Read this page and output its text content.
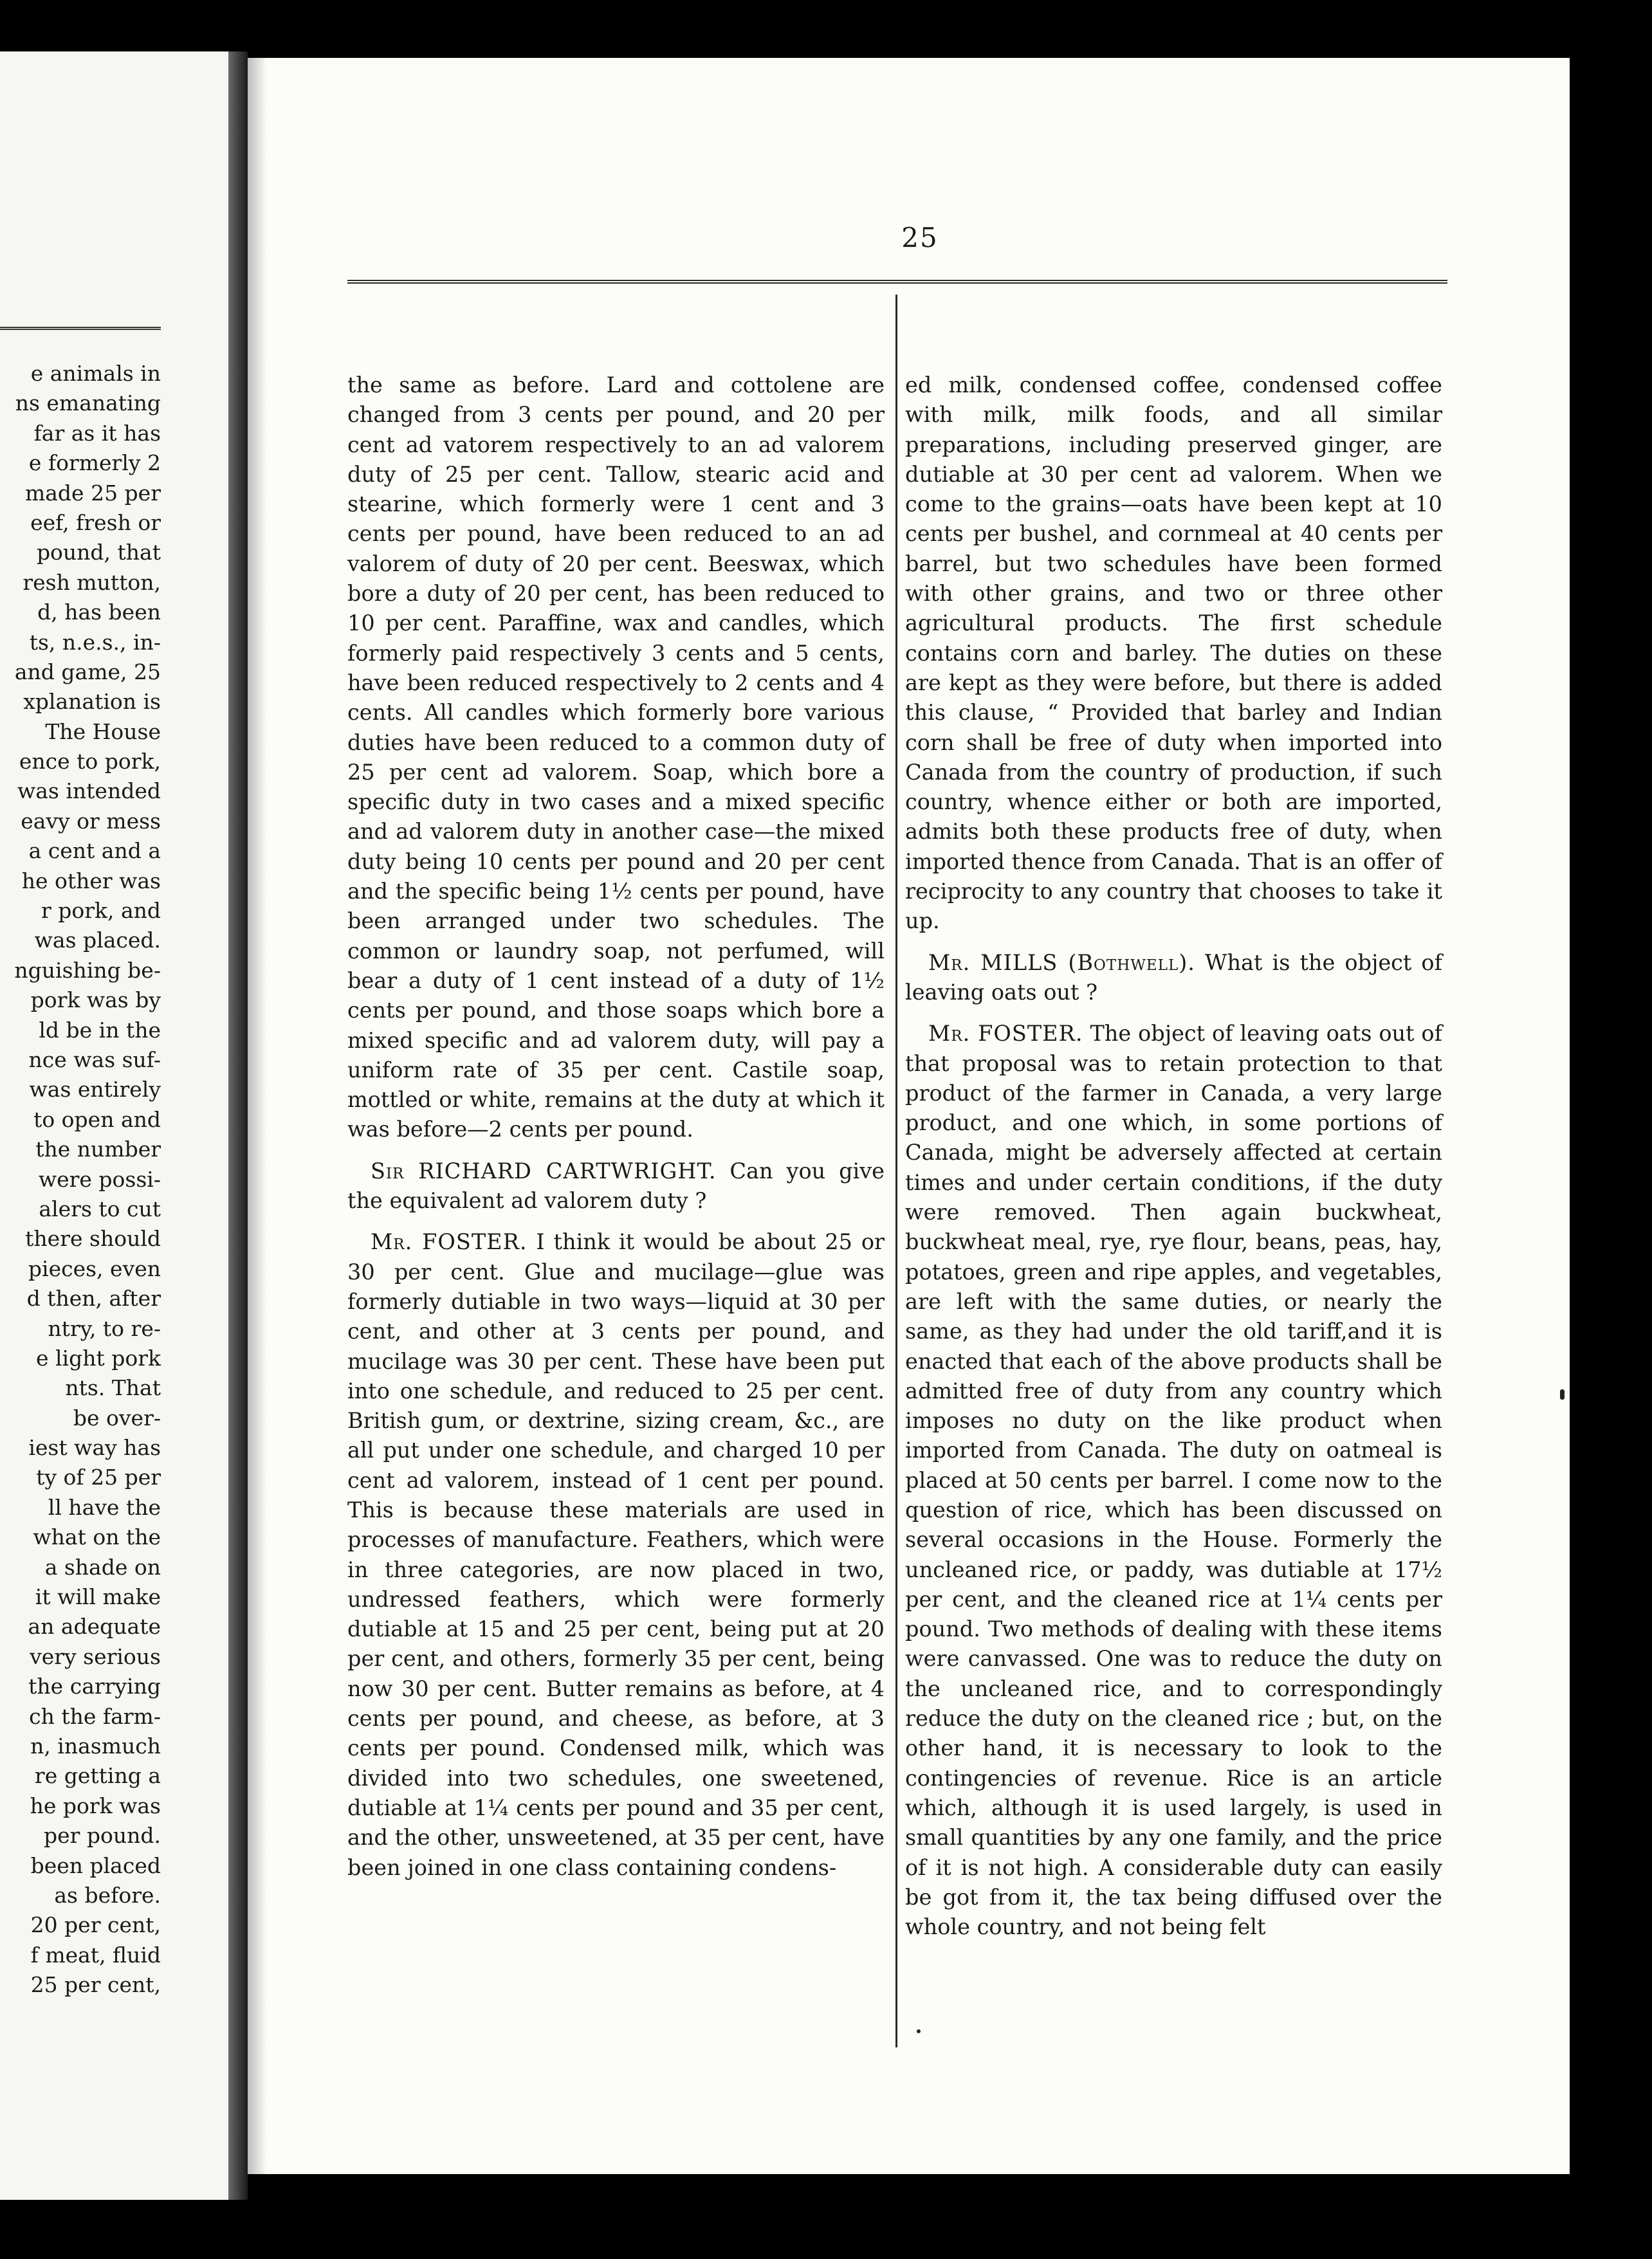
e animals in
ns emanating
far as it has
e formerly 2
made 25 per
eef, fresh or
pound, that
resh mutton,
d, has been
ts, n.e.s., in-
and game, 25
xplanation is
The House
ence to pork,
was intended
eavy or mess
a cent and a
he other was
r pork, and
was placed.
nguishing be-
pork was by
ld be in the
nce was suf-
was entirely
to open and
the number
were possi-
alers to cut
there should
pieces, even
d then, after
ntry, to re-
e light pork
nts. That
be over-
iest way has
ty of 25 per
ll have the
what on the
a shade on
it will make
an adequate
very serious
the carrying
ch the farm-
n, inasmuch
re getting a
he pork was
per pound.
been placed
as before.
20 per cent,
f meat, fluid
25 per cent,
25

the same as before. Lard and cottolene are changed from 3 cents per pound, and 20 per cent ad vatorem respectively to an ad valorem duty of 25 per cent. Tallow, stearic acid and stearine, which formerly were 1 cent and 3 cents per pound, have been reduced to an ad valorem of duty of 20 per cent. Beeswax, which bore a duty of 20 per cent, has been reduced to 10 per cent. Paraffine, wax and candles, which formerly paid respectively 3 cents and 5 cents, have been reduced respectively to 2 cents and 4 cents. All candles which formerly bore various duties have been reduced to a common duty of 25 per cent ad valorem. Soap, which bore a specific duty in two cases and a mixed specific and ad valorem duty in another case—the mixed duty being 10 cents per pound and 20 per cent and the specific being 1½ cents per pound, have been arranged under two schedules. The common or laundry soap, not perfumed, will bear a duty of 1 cent instead of a duty of 1½ cents per pound, and those soaps which bore a mixed specific and ad valorem duty, will pay a uniform rate of 35 per cent. Castile soap, mottled or white, remains at the duty at which it was before—2 cents per pound.

Sir RICHARD CARTWRIGHT. Can you give the equivalent ad valorem duty ?

Mr. FOSTER. I think it would be about 25 or 30 per cent. Glue and mucilage—glue was formerly dutiable in two ways—liquid at 30 per cent, and other at 3 cents per pound, and mucilage was 30 per cent. These have been put into one schedule, and reduced to 25 per cent. British gum, or dextrine, sizing cream, &c., are all put under one schedule, and charged 10 per cent ad valorem, instead of 1 cent per pound. This is because these materials are used in processes of manufacture. Feathers, which were in three categories, are now placed in two, undressed feathers, which were formerly dutiable at 15 and 25 per cent, being put at 20 per cent, and others, formerly 35 per cent, being now 30 per cent. Butter remains as before, at 4 cents per pound, and cheese, as before, at 3 cents per pound. Condensed milk, which was divided into two schedules, one sweetened, dutiable at 1¼ cents per pound and 35 per cent, and the other, unsweetened, at 35 per cent, have been joined in one class containing condens-

ed milk, condensed coffee, condensed coffee with milk, milk foods, and all similar preparations, including preserved ginger, are dutiable at 30 per cent ad valorem. When we come to the grains—oats have been kept at 10 cents per bushel, and cornmeal at 40 cents per barrel, but two schedules have been formed with other grains, and two or three other agricultural products. The first schedule contains corn and barley. The duties on these are kept as they were before, but there is added this clause, “ Provided that barley and Indian corn shall be free of duty when imported into Canada from the country of production, if such country, whence either or both are imported, admits both these products free of duty, when imported thence from Canada. That is an offer of reciprocity to any country that chooses to take it up.

Mr. MILLS (Bothwell). What is the object of leaving oats out ?

Mr. FOSTER. The object of leaving oats out of that proposal was to retain protection to that product of the farmer in Canada, a very large product, and one which, in some portions of Canada, might be adversely affected at certain times and under certain conditions, if the duty were removed. Then again buckwheat, buckwheat meal, rye, rye flour, beans, peas, hay, potatoes, green and ripe apples, and vegetables, are left with the same duties, or nearly the same, as they had under the old tariff,and it is enacted that each of the above products shall be admitted free of duty from any country which imposes no duty on the like product when imported from Canada. The duty on oatmeal is placed at 50 cents per barrel. I come now to the question of rice, which has been discussed on several occasions in the House. Formerly the uncleaned rice, or paddy, was dutiable at 17½ per cent, and the cleaned rice at 1¼ cents per pound. Two methods of dealing with these items were canvassed. One was to reduce the duty on the uncleaned rice, and to correspondingly reduce the duty on the cleaned rice ; but, on the other hand, it is necessary to look to the contingencies of revenue. Rice is an article which, although it is used largely, is used in small quantities by any one family, and the price of it is not high. A considerable duty can easily be got from it, the tax being diffused over the whole country, and not being felt
